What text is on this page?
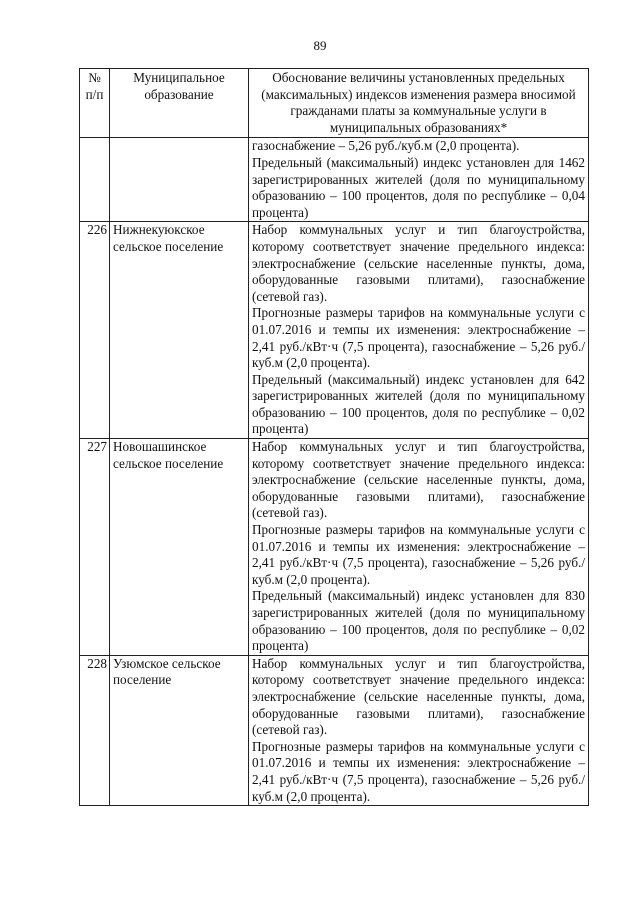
89
№ п/п	Муниципальное образование	Обоснование величины установленных предельных (максимальных) индексов изменения размера вносимой гражданами платы за коммунальные услуги в муниципальных образованиях*

		газоснабжение – 5,26 руб./куб.м (2,0 процента).
Предельный (максимальный) индекс установлен для 1462 зарегистрированных жителей (доля по муниципальному образованию – 100 процентов, доля по республике – 0,04 процента)

226	Нижнекуюкское сельское поселение	Набор коммунальных услуг и тип благоустройства, которому соответствует значение предельного индекса: электроснабжение (сельские населенные пункты, дома, оборудованные газовыми плитами), газоснабжение (сетевой газ).
Прогнозные размеры тарифов на коммунальные услуги с 01.07.2016 и темпы их изменения: электроснабжение – 2,41 руб./кВт·ч (7,5 процента), газоснабжение – 5,26 руб./куб.м (2,0 процента).
Предельный (максимальный) индекс установлен для 642 зарегистрированных жителей (доля по муниципальному образованию – 100 процентов, доля по республике – 0,02 процента)

227	Новошашинское сельское поселение	Набор коммунальных услуг и тип благоустройства, которому соответствует значение предельного индекса: электроснабжение (сельские населенные пункты, дома, оборудованные газовыми плитами), газоснабжение (сетевой газ).
Прогнозные размеры тарифов на коммунальные услуги с 01.07.2016 и темпы их изменения: электроснабжение – 2,41 руб./кВт·ч (7,5 процента), газоснабжение – 5,26 руб./куб.м (2,0 процента).
Предельный (максимальный) индекс установлен для 830 зарегистрированных жителей (доля по муниципальному образованию – 100 процентов, доля по республике – 0,02 процента)

228	Узюмское сельское поселение	Набор коммунальных услуг и тип благоустройства, которому соответствует значение предельного индекса: электроснабжение (сельские населенные пункты, дома, оборудованные газовыми плитами), газоснабжение (сетевой газ).
Прогнозные размеры тарифов на коммунальные услуги с 01.07.2016 и темпы их изменения: электроснабжение – 2,41 руб./кВт·ч (7,5 процента), газоснабжение – 5,26 руб./куб.м (2,0 процента).
